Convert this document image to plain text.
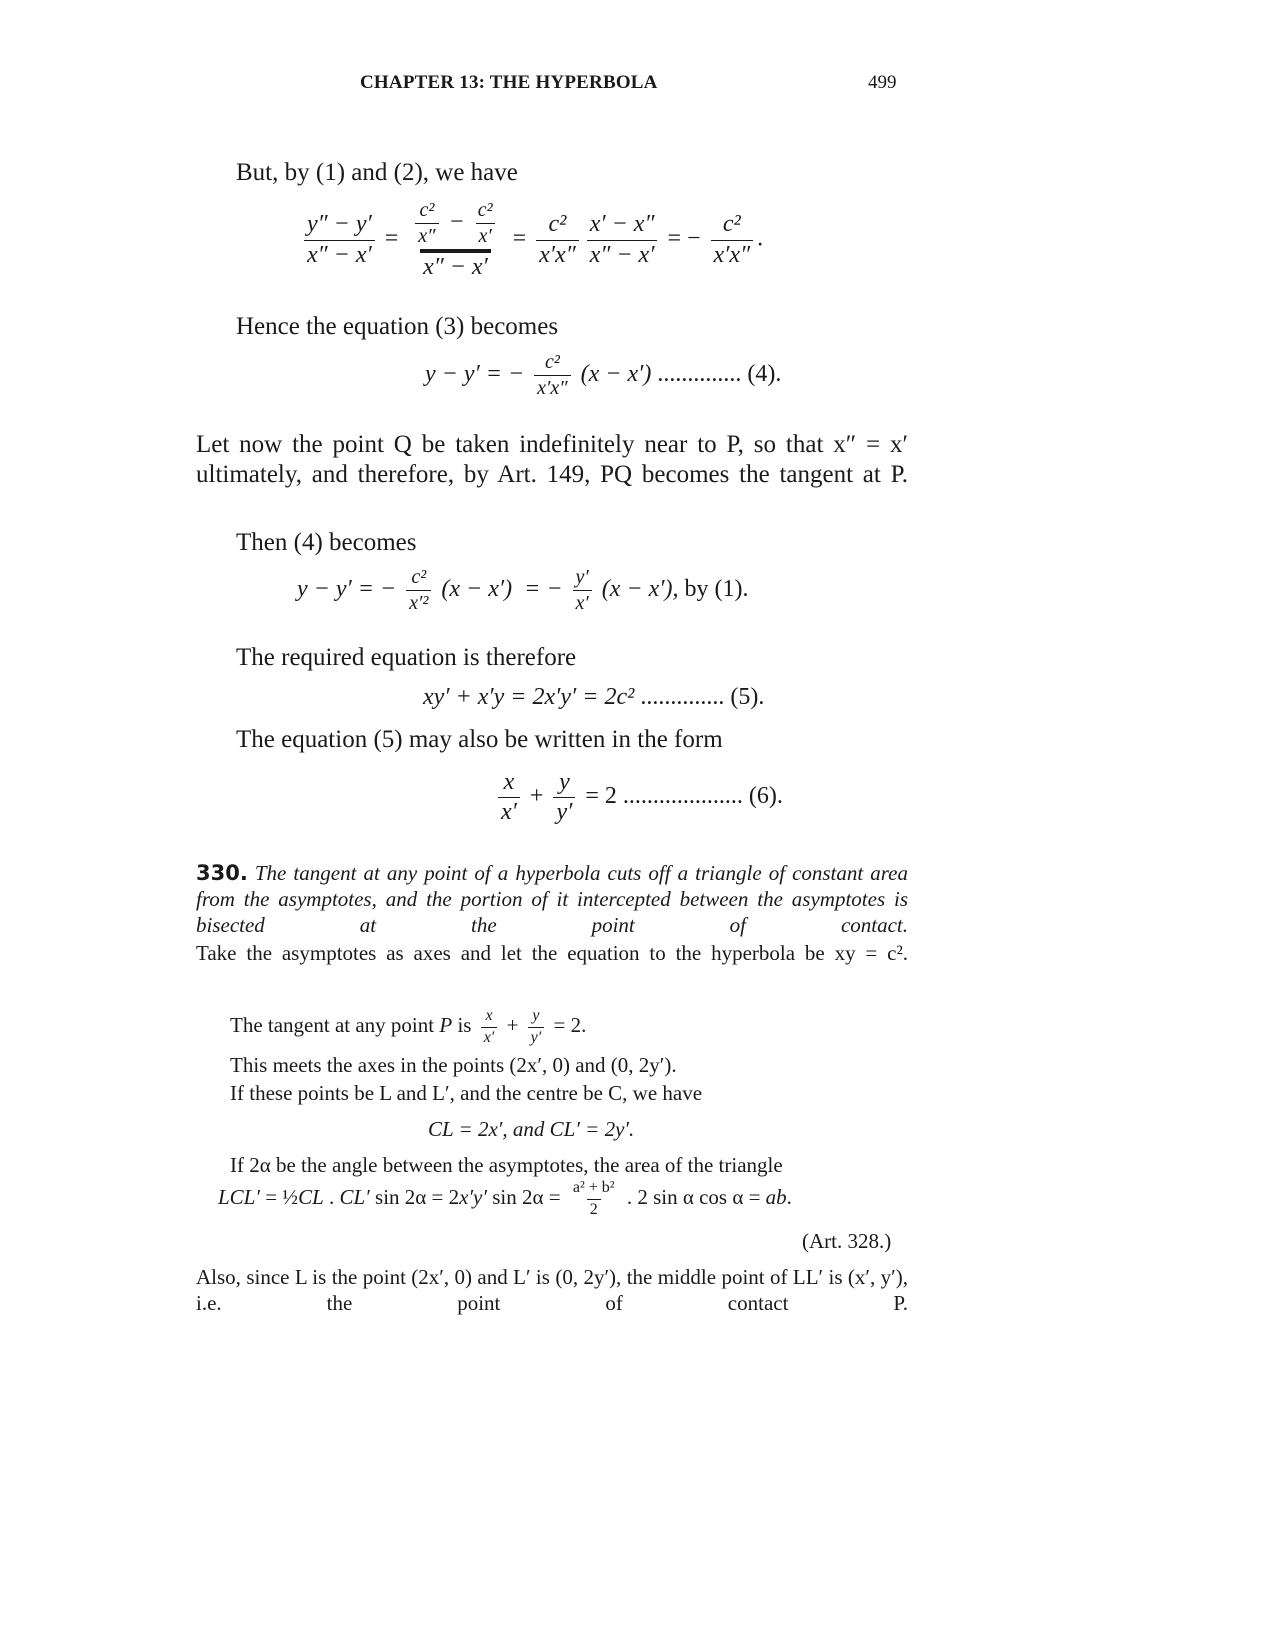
CHAPTER 13: THE HYPERBOLA	499
But, by (1) and (2), we have
$\frac{y'' - y'}{x'' - x'} = \frac{\frac{\text{c²}}{x''} - \frac{\text{c²}}{x'}}{x'' - x'} = \frac{\text{c²}}{x'x''} \frac{x' - x''}{x'' - x'}$ = − $\frac{\text{c²}}{x'x''}$ .
Hence the equation (3) becomes
y − y′ = − $\frac{\text{c²}}{x'x''} (x - x')$ .............. (4).
Let now the point Q be taken indefinitely near to P, so that x″ = x′ ultimately, and therefore, by Art. 149, PQ becomes the tangent at P.
Then (4) becomes
y − y′ = − $\frac{\text{c²}}{\text{x′²}} (x - x')$  = − $\frac{y'}{x'} (x - x')$, by (1).
The required equation is therefore
xy′ + x′y = 2x′y′ = 2c² .............. (5).
The equation (5) may also be written in the form
$\frac{x}{x'} + \frac{y}{y'} = 2$ .................... (6).
330. The tangent at any point of a hyperbola cuts off a triangle of constant area from the asymptotes, and the portion of it intercepted between the asymptotes is bisected at the point of contact.
Take the asymptotes as axes and let the equation to the hyperbola be xy = c².
The tangent at any point P is $\frac{x}{x'} + \frac{y}{y'} = 2$.
This meets the axes in the points (2x′, 0) and (0, 2y′).
If these points be L and L′, and the centre be C, we have
CL = 2x′, and CL′ = 2y′.
If 2α be the angle between the asymptotes, the area of the triangle
LCL′ = ½CL . CL′ sin 2α = 2x′y′ $\sin 2\alpha = \frac{\text{a² + b²}}{2}$ . 2 sin α cos α = ab.
(Art. 328.)
Also, since L is the point (2x′, 0) and L′ is (0, 2y′), the middle point of LL′ is (x′, y′), i.e. the point of contact P.
